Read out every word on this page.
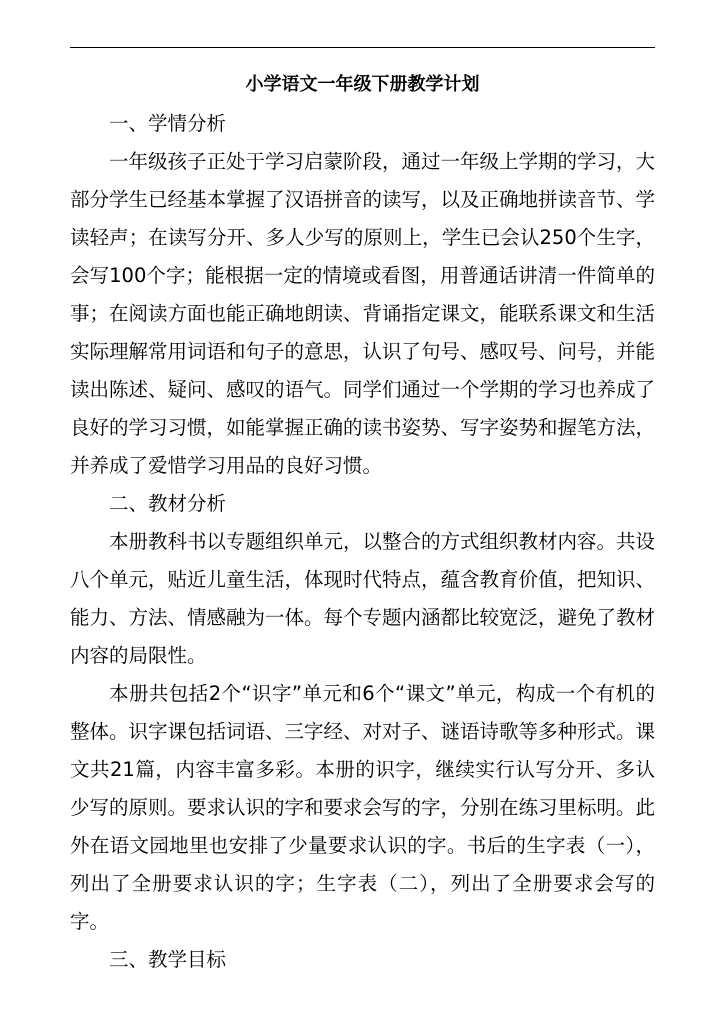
小学语文一年级下册教学计划

一、学情分析

一年级孩子正处于学习启蒙阶段，通过一年级上学期的学习，大部分学生已经基本掌握了汉语拼音的读写，以及正确地拼读音节、学读轻声；在读写分开、多人少写的原则上，学生已会认250个生字，会写100个字；能根据一定的情境或看图，用普通话讲清一件简单的事；在阅读方面也能正确地朗读、背诵指定课文，能联系课文和生活实际理解常用词语和句子的意思，认识了句号、感叹号、问号，并能读出陈述、疑问、感叹的语气。同学们通过一个学期的学习也养成了良好的学习习惯，如能掌握正确的读书姿势、写字姿势和握笔方法，并养成了爱惜学习用品的良好习惯。

二、教材分析

本册教科书以专题组织单元，以整合的方式组织教材内容。共设八个单元，贴近儿童生活，体现时代特点，蕴含教育价值，把知识、能力、方法、情感融为一体。每个专题内涵都比较宽泛，避免了教材内容的局限性。

本册共包括2个“识字”单元和6个“课文”单元，构成一个有机的整体。识字课包括词语、三字经、对对子、谜语诗歌等多种形式。课文共21篇，内容丰富多彩。本册的识字，继续实行认写分开、多认少写的原则。要求认识的字和要求会写的字，分别在练习里标明。此外在语文园地里也安排了少量要求认识的字。书后的生字表（一），列出了全册要求认识的字；生字表（二），列出了全册要求会写的字。

三、教学目标
